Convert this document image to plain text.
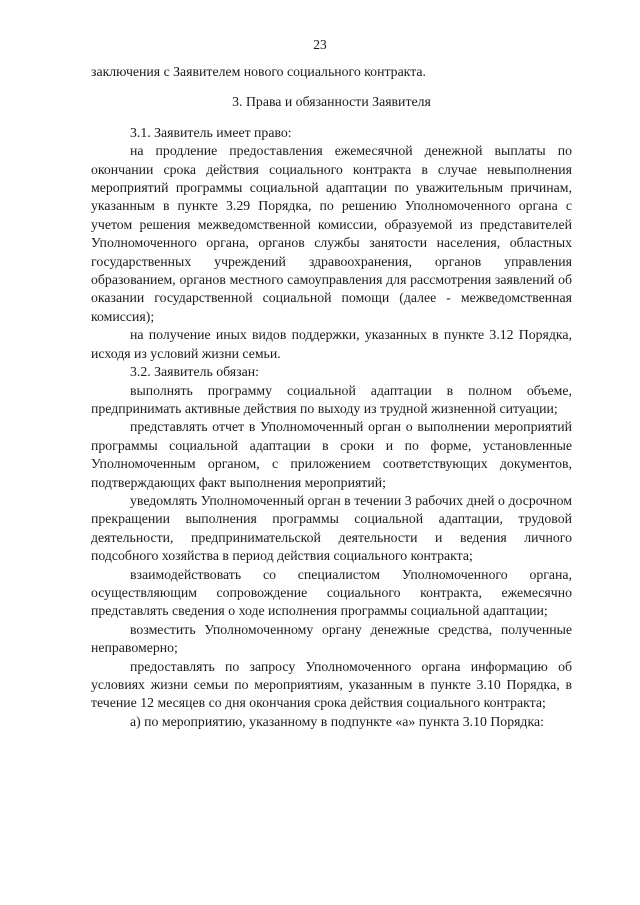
23

заключения с Заявителем нового социального контракта.

3. Права и обязанности Заявителя

3.1. Заявитель имеет право:

на продление предоставления ежемесячной денежной выплаты по окончании срока действия социального контракта в случае невыполнения мероприятий программы социальной адаптации по уважительным причинам, указанным в пункте 3.29 Порядка, по решению Уполномоченного органа с учетом решения межведомственной комиссии, образуемой из представителей Уполномоченного органа, органов службы занятости населения, областных государственных учреждений здравоохранения, органов управления образованием, органов местного самоуправления для рассмотрения заявлений об оказании государственной социальной помощи (далее - межведомственная комиссия);

на получение иных видов поддержки, указанных в пункте 3.12 Порядка, исходя из условий жизни семьи.

3.2. Заявитель обязан:

выполнять программу социальной адаптации в полном объеме, предпринимать активные действия по выходу из трудной жизненной ситуации;

представлять отчет в Уполномоченный орган о выполнении мероприятий программы социальной адаптации в сроки и по форме, установленные Уполномоченным органом, с приложением соответствующих документов, подтверждающих факт выполнения мероприятий;

уведомлять Уполномоченный орган в течении 3 рабочих дней о досрочном прекращении выполнения программы социальной адаптации, трудовой деятельности, предпринимательской деятельности и ведения личного подсобного хозяйства в период действия социального контракта;

взаимодействовать со специалистом Уполномоченного органа, осуществляющим сопровождение социального контракта, ежемесячно представлять сведения о ходе исполнения программы социальной адаптации;

возместить Уполномоченному органу денежные средства, полученные неправомерно;

предоставлять по запросу Уполномоченного органа информацию об условиях жизни семьи по мероприятиям, указанным в пункте 3.10 Порядка, в течение 12 месяцев со дня окончания срока действия социального контракта;

а) по мероприятию, указанному в подпункте «а» пункта 3.10 Порядка:
